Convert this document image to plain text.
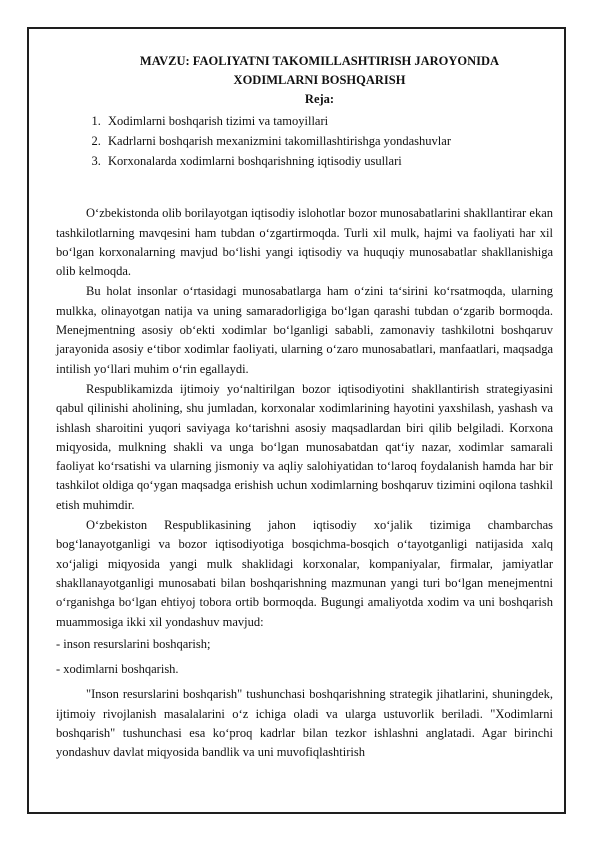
MAVZU: FAOLIYATNI TAKOMILLASHTIRISH JAROYONIDA

XODIMLARNI BOSHQARISH

Reja:

1. Xodimlarni boshqarish tizimi va tamoyillari
2. Kadrlarni boshqarish mexanizmini takomillashtirishga yondashuvlar
3. Korxonalarda xodimlarni boshqarishning iqtisodiy usullari

O‘zbekistonda olib borilayotgan iqtisodiy islohotlar bozor munosabatlarini shakllantirar ekan tashkilotlarning mavqesini ham tubdan o‘zgartirmoqda. Turli xil mulk, hajmi va faoliyati har xil bo‘lgan korxonalarning mavjud bo‘lishi yangi iqtisodiy va huquqiy munosabatlar shakllanishiga olib kelmoqda.

Bu holat insonlar o‘rtasidagi munosabatlarga ham o‘zini ta‘sirini ko‘rsatmoqda, ularning mulkka, olinayotgan natija va uning samaradorligiga bo‘lgan qarashi tubdan o‘zgarib bormoqda. Menejmentning asosiy ob‘ekti xodimlar bo‘lganligi sababli, zamonaviy tashkilotni boshqaruv jarayonida asosiy e‘tibor xodimlar faoliyati, ularning o‘zaro munosabatlari, manfaatlari, maqsadga intilish yo‘llari muhim o‘rin egallaydi.

Respublikamizda ijtimoiy yo‘naltirilgan bozor iqtisodiyotini shakllantirish strategiyasini qabul qilinishi aholining, shu jumladan, korxonalar xodimlarining hayotini yaxshilash, yashash va ishlash sharoitini yuqori saviyaga ko‘tarishni asosiy maqsadlardan biri qilib belgiladi. Korxona miqyosida, mulkning shakli va unga bo‘lgan munosabatdan qat‘iy nazar, xodimlar samarali faoliyat ko‘rsatishi va ularning jismoniy va aqliy salohiyatidan to‘laroq foydalanish hamda har bir tashkilot oldiga qo‘ygan maqsadga erishish uchun xodimlarning boshqaruv tizimini oqilona tashkil etish muhimdir.

O‘zbekiston Respublikasining jahon iqtisodiy xo‘jalik tizimiga chambarchas bog‘lanayotganligi va bozor iqtisodiyotiga bosqichma-bosqich o‘tayotganligi natijasida xalq xo‘jaligi miqyosida yangi mulk shaklidagi korxonalar, kompaniyalar, firmalar, jamiyatlar shakllanayotganligi munosabati bilan boshqarishning mazmunan yangi turi bo‘lgan menejmentni o‘rganishga bo‘lgan ehtiyoj tobora ortib bormoqda. Bugungi amaliyotda xodim va uni boshqarish muammosiga ikki xil yondashuv mavjud:

- inson resurslarini boshqarish;

- xodimlarni boshqarish.

"Inson resurslarini boshqarish" tushunchasi boshqarishning strategik jihatlarini, shuningdek, ijtimoiy rivojlanish masalalarini o‘z ichiga oladi va ularga ustuvorlik beriladi. "Xodimlarni boshqarish" tushunchasi esa ko‘proq kadrlar bilan tezkor ishlashni anglatadi. Agar birinchi yondashuv davlat miqyosida bandlik va uni muvofiqlashtirish
